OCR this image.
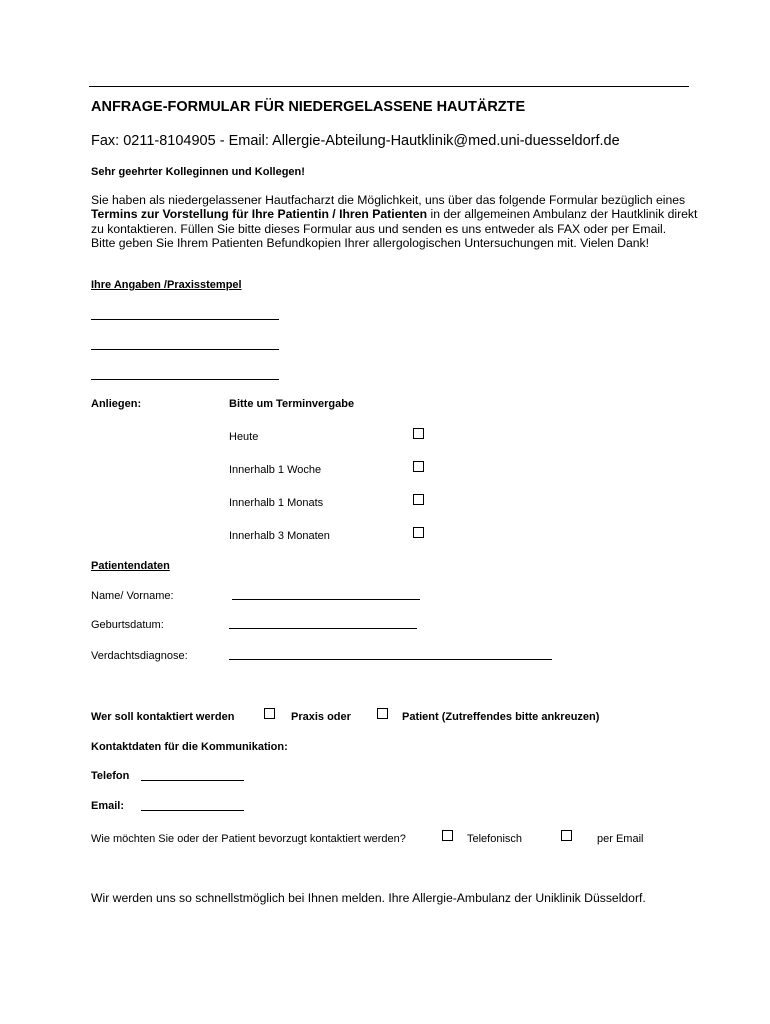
ANFRAGE-FORMULAR FÜR NIEDERGELASSENE HAUTÄRZTE
Fax: 0211-8104905 - Email: Allergie-Abteilung-Hautklinik@med.uni-duesseldorf.de
Sehr geehrter Kolleginnen und Kollegen!

Sie haben als niedergelassener Hautfacharzt die Möglichkeit, uns über das folgende Formular bezüglich eines Termins zur Vorstellung für Ihre Patientin / Ihren Patienten in der allgemeinen Ambulanz der Hautklinik direkt zu kontaktieren. Füllen Sie bitte dieses Formular aus und senden es uns entweder als FAX oder per Email.

Bitte geben Sie Ihrem Patienten Befundkopien Ihrer allergologischen Untersuchungen mit. Vielen Dank!

Ihre Angaben /Praxisstempel
Anliegen:	Bitte um Terminvergabe
Heute
Innerhalb 1 Woche
Innerhalb 1 Monats
Innerhalb 3 Monaten
Patientendaten
Name/ Vorname:
Geburtsdatum:
Verdachtsdiagnose:
Wer soll kontaktiert werden	Praxis oder	Patient (Zutreffendes bitte ankreuzen)
Kontaktdaten für die Kommunikation:
Telefon
Email:
Wie möchten Sie oder der Patient bevorzugt kontaktiert werden?	Telefonisch	per Email
Wir werden uns so schnellstmöglich bei Ihnen melden. Ihre Allergie-Ambulanz der Uniklinik Düsseldorf.
